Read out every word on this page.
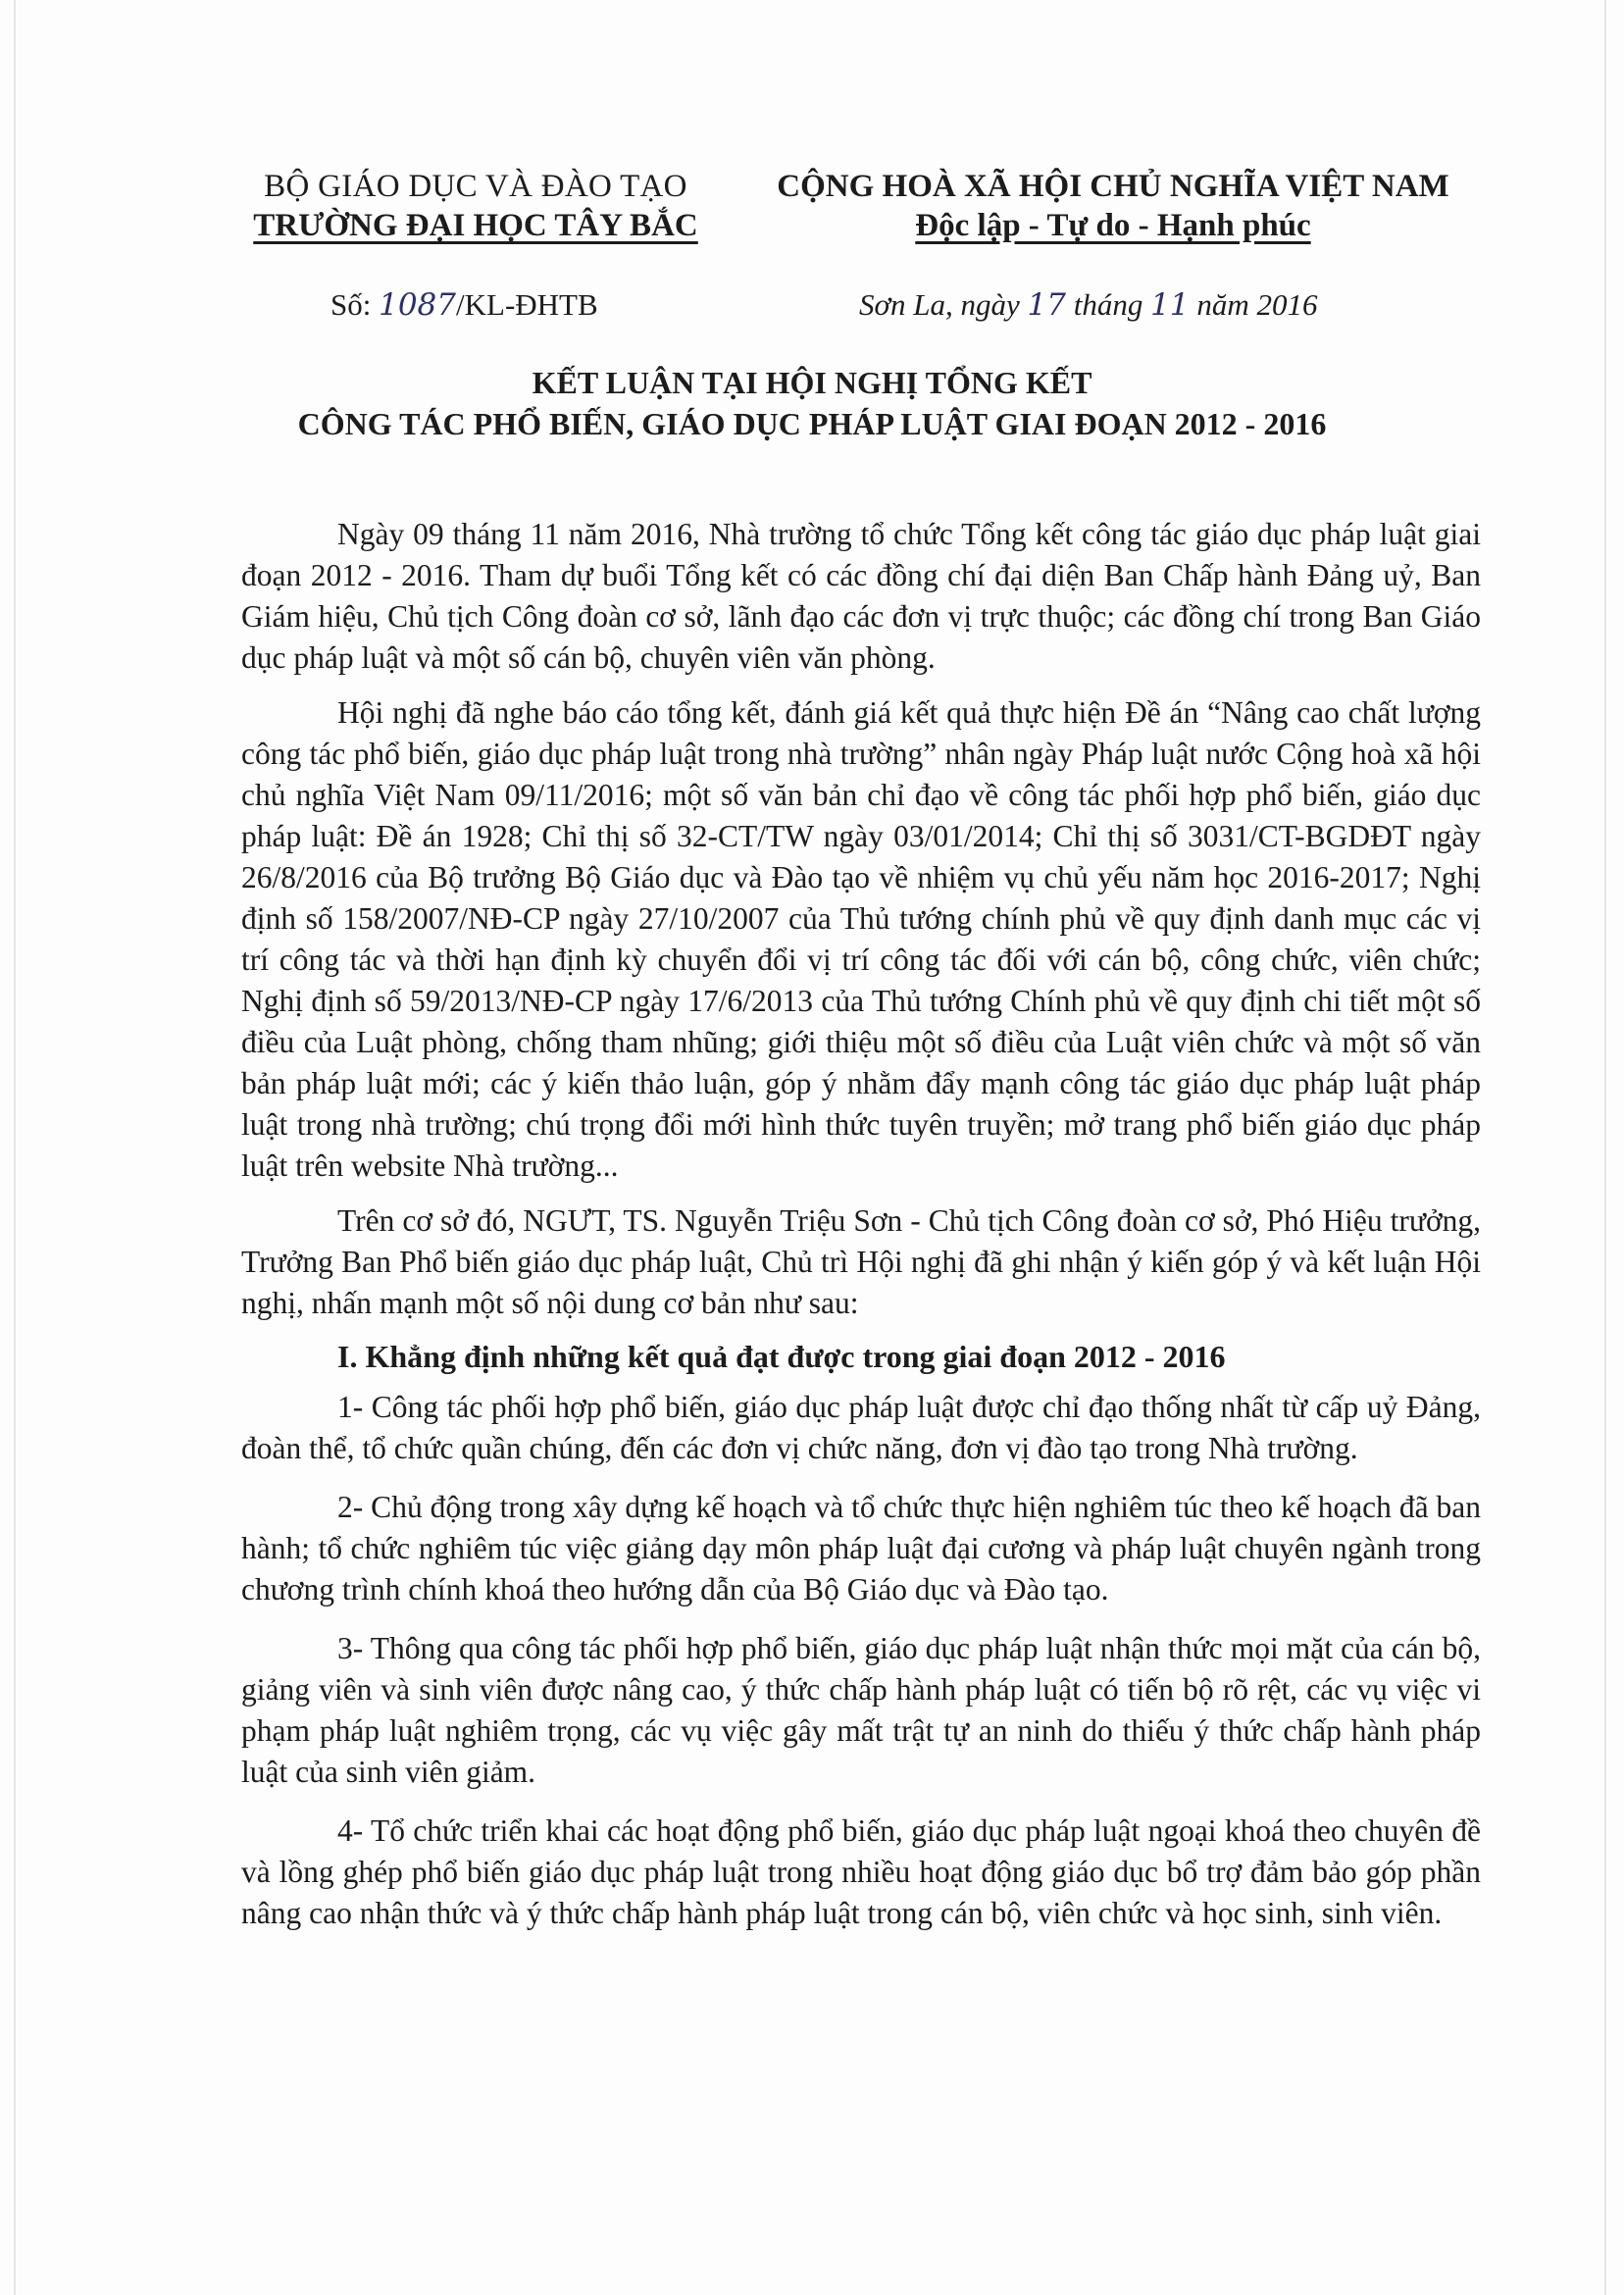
BỘ GIÁO DỤC VÀ ĐÀO TẠO
TRƯỜNG ĐẠI HỌC TÂY BẮC
CỘNG HOÀ XÃ HỘI CHỦ NGHĨA VIỆT NAM
Độc lập - Tự do - Hạnh phúc
Số: 1087/KL-ĐHTB	Sơn La, ngày 17 tháng 11 năm 2016
KẾT LUẬN TẠI HỘI NGHỊ TỔNG KẾT
CÔNG TÁC PHỔ BIẾN, GIÁO DỤC PHÁP LUẬT GIAI ĐOẠN 2012 - 2016

Ngày 09 tháng 11 năm 2016, Nhà trường tổ chức Tổng kết công tác giáo dục pháp luật giai đoạn 2012 - 2016. Tham dự buổi Tổng kết có các đồng chí đại diện Ban Chấp hành Đảng uỷ, Ban Giám hiệu, Chủ tịch Công đoàn cơ sở, lãnh đạo các đơn vị trực thuộc; các đồng chí trong Ban Giáo dục pháp luật và một số cán bộ, chuyên viên văn phòng.

Hội nghị đã nghe báo cáo tổng kết, đánh giá kết quả thực hiện Đề án “Nâng cao chất lượng công tác phổ biến, giáo dục pháp luật trong nhà trường” nhân ngày Pháp luật nước Cộng hoà xã hội chủ nghĩa Việt Nam 09/11/2016; một số văn bản chỉ đạo về công tác phối hợp phổ biến, giáo dục pháp luật: Đề án 1928; Chỉ thị số 32-CT/TW ngày 03/01/2014; Chỉ thị số 3031/CT-BGDĐT ngày 26/8/2016 của Bộ trưởng Bộ Giáo dục và Đào tạo về nhiệm vụ chủ yếu năm học 2016-2017; Nghị định số 158/2007/NĐ-CP ngày 27/10/2007 của Thủ tướng chính phủ về quy định danh mục các vị trí công tác và thời hạn định kỳ chuyển đổi vị trí công tác đối với cán bộ, công chức, viên chức; Nghị định số 59/2013/NĐ-CP ngày 17/6/2013 của Thủ tướng Chính phủ về quy định chi tiết một số điều của Luật phòng, chống tham nhũng; giới thiệu một số điều của Luật viên chức và một số văn bản pháp luật mới; các ý kiến thảo luận, góp ý nhằm đẩy mạnh công tác giáo dục pháp luật pháp luật trong nhà trường; chú trọng đổi mới hình thức tuyên truyền; mở trang phổ biến giáo dục pháp luật trên website Nhà trường...

Trên cơ sở đó, NGƯT, TS. Nguyễn Triệu Sơn - Chủ tịch Công đoàn cơ sở, Phó Hiệu trưởng, Trưởng Ban Phổ biến giáo dục pháp luật, Chủ trì Hội nghị đã ghi nhận ý kiến góp ý và kết luận Hội nghị, nhấn mạnh một số nội dung cơ bản như sau:

I. Khẳng định những kết quả đạt được trong giai đoạn 2012 - 2016

1- Công tác phối hợp phổ biến, giáo dục pháp luật được chỉ đạo thống nhất từ cấp uỷ Đảng, đoàn thể, tổ chức quần chúng, đến các đơn vị chức năng, đơn vị đào tạo trong Nhà trường.

2- Chủ động trong xây dựng kế hoạch và tổ chức thực hiện nghiêm túc theo kế hoạch đã ban hành; tổ chức nghiêm túc việc giảng dạy môn pháp luật đại cương và pháp luật chuyên ngành trong chương trình chính khoá theo hướng dẫn của Bộ Giáo dục và Đào tạo.

3- Thông qua công tác phối hợp phổ biến, giáo dục pháp luật nhận thức mọi mặt của cán bộ, giảng viên và sinh viên được nâng cao, ý thức chấp hành pháp luật có tiến bộ rõ rệt, các vụ việc vi phạm pháp luật nghiêm trọng, các vụ việc gây mất trật tự an ninh do thiếu ý thức chấp hành pháp luật của sinh viên giảm.

4- Tổ chức triển khai các hoạt động phổ biến, giáo dục pháp luật ngoại khoá theo chuyên đề và lồng ghép phổ biến giáo dục pháp luật trong nhiều hoạt động giáo dục bổ trợ đảm bảo góp phần nâng cao nhận thức và ý thức chấp hành pháp luật trong cán bộ, viên chức và học sinh, sinh viên.
